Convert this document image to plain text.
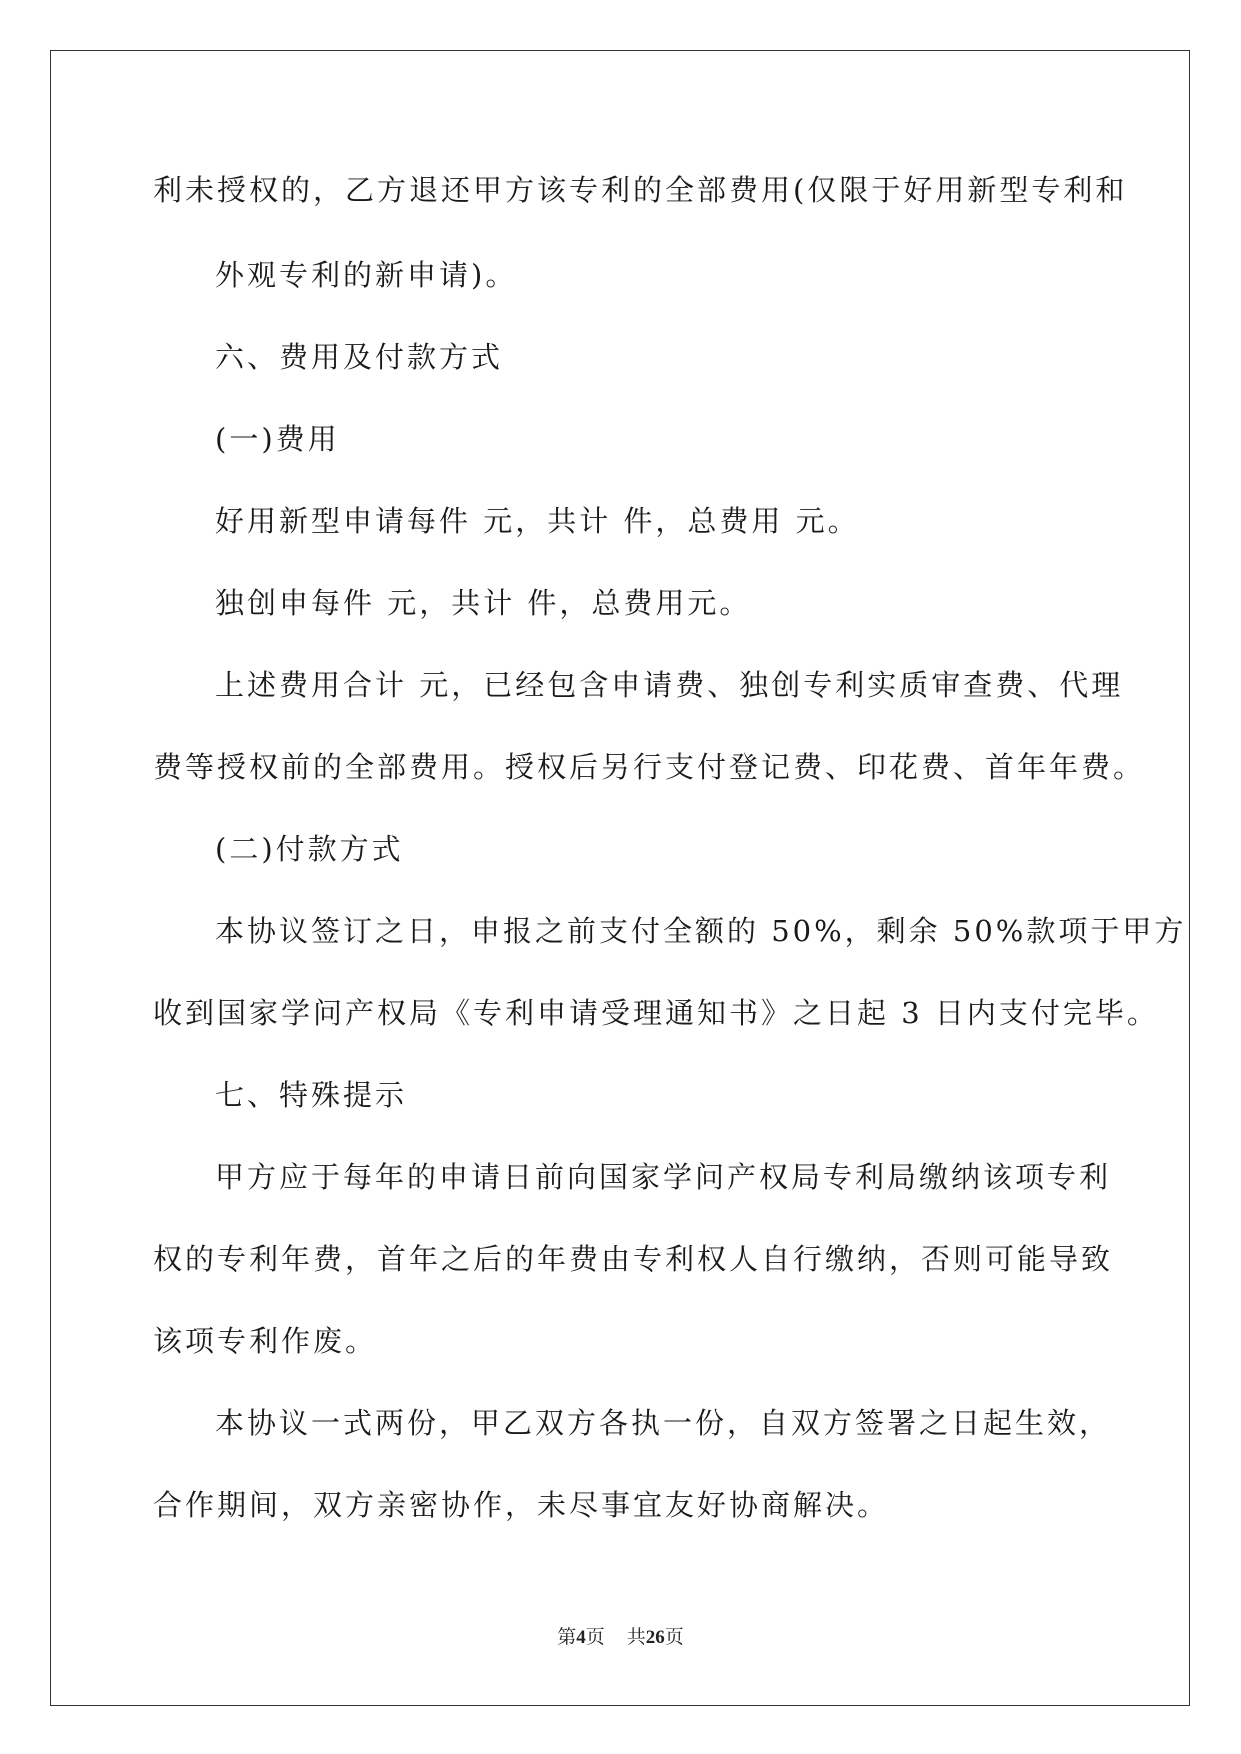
利未授权的，乙方退还甲方该专利的全部费用(仅限于好用新型专利和
外观专利的新申请)。
六、费用及付款方式
(一)费用
好用新型申请每件 元，共计 件，总费用 元。
独创申每件 元，共计 件，总费用元。
上述费用合计 元，已经包含申请费、独创专利实质审查费、代理
费等授权前的全部费用。授权后另行支付登记费、印花费、首年年费。
(二)付款方式
本协议签订之日，申报之前支付全额的 50%，剩余 50%款项于甲方
收到国家学问产权局《专利申请受理通知书》之日起 3 日内支付完毕。
七、特殊提示
甲方应于每年的申请日前向国家学问产权局专利局缴纳该项专利
权的专利年费，首年之后的年费由专利权人自行缴纳，否则可能导致
该项专利作废。
本协议一式两份，甲乙双方各执一份，自双方签署之日起生效，
合作期间，双方亲密协作，未尽事宜友好协商解决。
第4页 共26页
